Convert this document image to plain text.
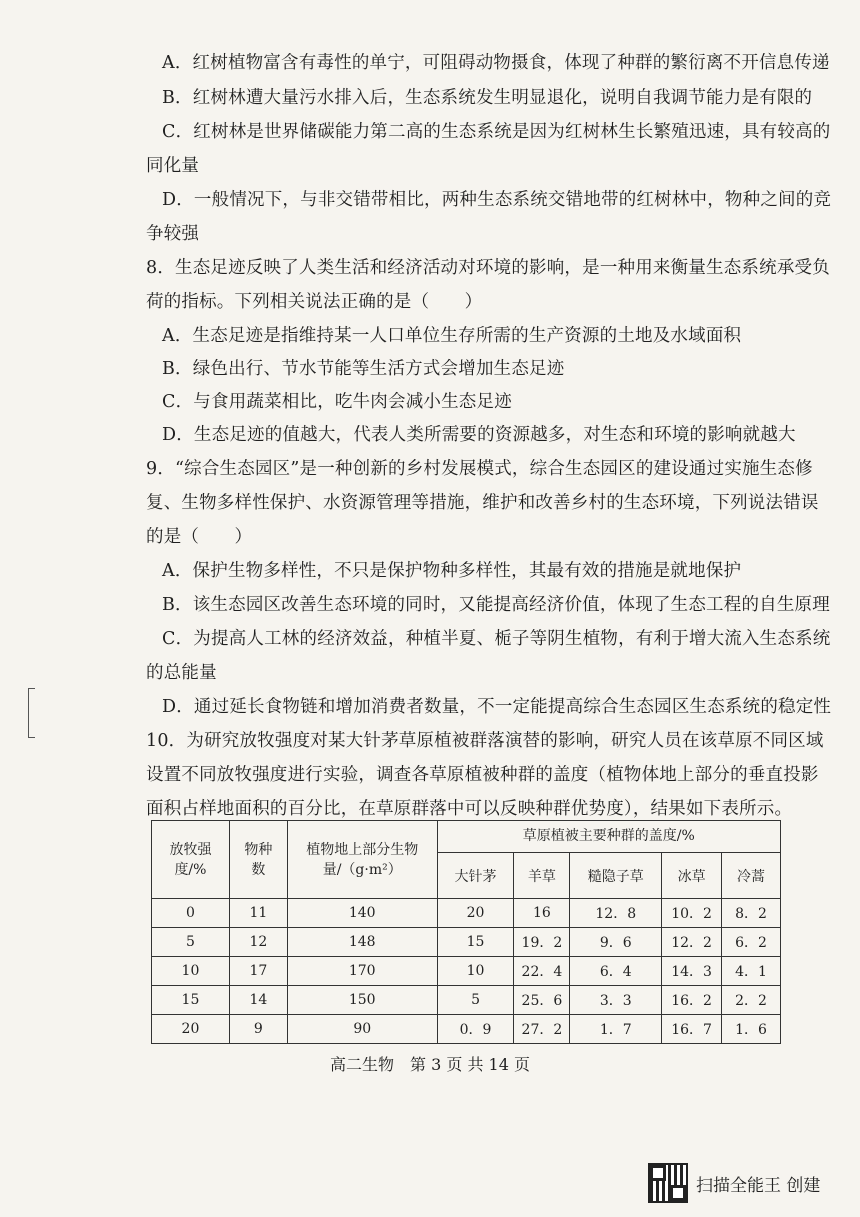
A．红树植物富含有毒性的单宁，可阻碍动物摄食，体现了种群的繁衍离不开信息传递
B．红树林遭大量污水排入后，生态系统发生明显退化，说明自我调节能力是有限的
C．红树林是世界储碳能力第二高的生态系统是因为红树林生长繁殖迅速，具有较高的
同化量
D．一般情况下，与非交错带相比，两种生态系统交错地带的红树林中，物种之间的竞
争较强
8．生态足迹反映了人类生活和经济活动对环境的影响，是一种用来衡量生态系统承受负
荷的指标。下列相关说法正确的是（　　）
A．生态足迹是指维持某一人口单位生存所需的生产资源的土地及水域面积
B．绿色出行、节水节能等生活方式会增加生态足迹
C．与食用蔬菜相比，吃牛肉会减小生态足迹
D．生态足迹的值越大，代表人类所需要的资源越多，对生态和环境的影响就越大
9．“综合生态园区”是一种创新的乡村发展模式，综合生态园区的建设通过实施生态修
复、生物多样性保护、水资源管理等措施，维护和改善乡村的生态环境，下列说法错误
的是（　　）
A．保护生物多样性，不只是保护物种多样性，其最有效的措施是就地保护
B．该生态园区改善生态环境的同时，又能提高经济价值，体现了生态工程的自生原理
C．为提高人工林的经济效益，种植半夏、栀子等阴生植物，有利于增大流入生态系统
的总能量
D．通过延长食物链和增加消费者数量，不一定能提高综合生态园区生态系统的稳定性
10．为研究放牧强度对某大针茅草原植被群落演替的影响，研究人员在该草原不同区域
设置不同放牧强度进行实验，调查各草原植被种群的盖度（植物体地上部分的垂直投影
面积占样地面积的百分比，在草原群落中可以反映种群优势度），结果如下表所示。
放牧强度/%	物种数	植物地上部分生物量/（g·m²）	草原植被主要种群的盖度/%				
			大针茅	羊草	糙隐子草	冰草	冷蒿
0	11	140	20	16	12．8	10．2	8．2
5	12	148	15	19．2	9．6	12．2	6．2
10	17	170	10	22．4	6．4	14．3	4．1
15	14	150	5	25．6	3．3	16．2	2．2
20	9	90	0．9	27．2	1．7	16．7	1．6
高二生物　第 3 页 共 14 页
扫描全能王 创建
